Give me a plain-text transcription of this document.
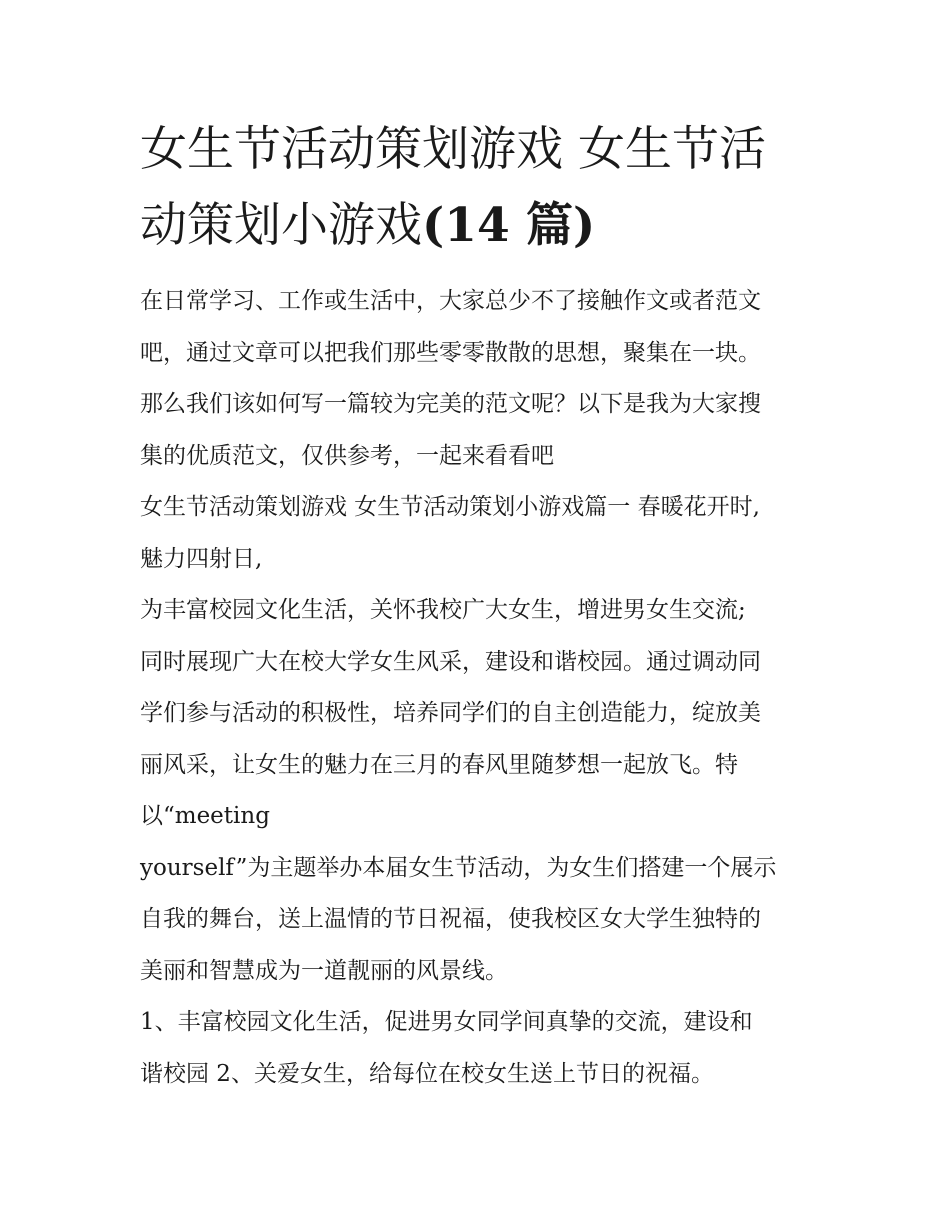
女生节活动策划游戏 女生节活
动策划小游戏(14 篇)

在日常学习、工作或生活中，大家总少不了接触作文或者范文

吧，通过文章可以把我们那些零零散散的思想，聚集在一块。

那么我们该如何写一篇较为完美的范文呢？以下是我为大家搜

集的优质范文，仅供参考，一起来看看吧

女生节活动策划游戏 女生节活动策划小游戏篇一 春暖花开时,

魅力四射日,

为丰富校园文化生活，关怀我校广大女生，增进男女生交流;

同时展现广大在校大学女生风采，建设和谐校园。通过调动同

学们参与活动的积极性，培养同学们的自主创造能力，绽放美

丽风采，让女生的魅力在三月的春风里随梦想一起放飞。特

以“meeting

yourself”为主题举办本届女生节活动，为女生们搭建一个展示

自我的舞台，送上温情的节日祝福，使我校区女大学生独特的

美丽和智慧成为一道靓丽的风景线。

1、丰富校园文化生活，促进男女同学间真挚的交流，建设和

谐校园 2、关爱女生，给每位在校女生送上节日的祝福。
